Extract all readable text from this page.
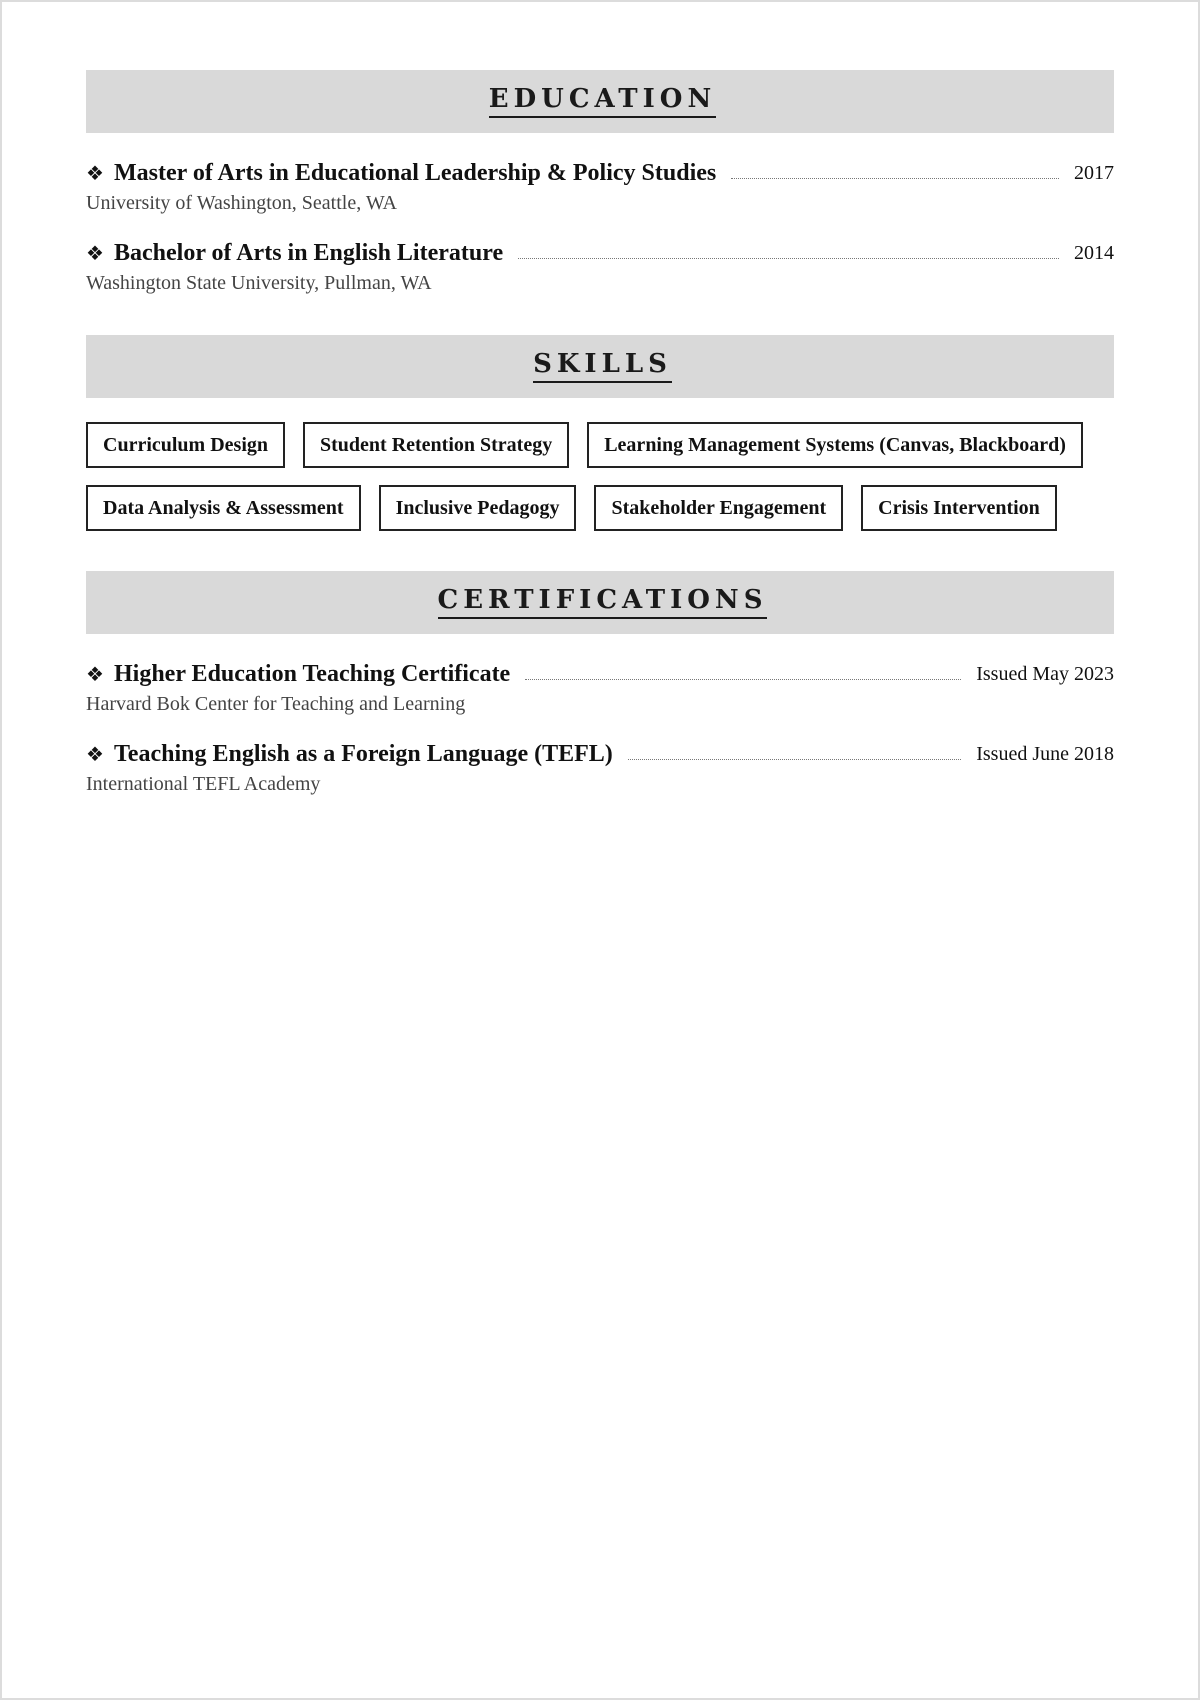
EDUCATION
❖ Master of Arts in Educational Leadership & Policy Studies	2017
University of Washington, Seattle, WA
❖ Bachelor of Arts in English Literature	2014
Washington State University, Pullman, WA
SKILLS
Curriculum Design	Student Retention Strategy	Learning Management Systems (Canvas, Blackboard)
Data Analysis & Assessment	Inclusive Pedagogy	Stakeholder Engagement	Crisis Intervention
CERTIFICATIONS
❖ Higher Education Teaching Certificate	Issued May 2023
Harvard Bok Center for Teaching and Learning
❖ Teaching English as a Foreign Language (TEFL)	Issued June 2018
International TEFL Academy
